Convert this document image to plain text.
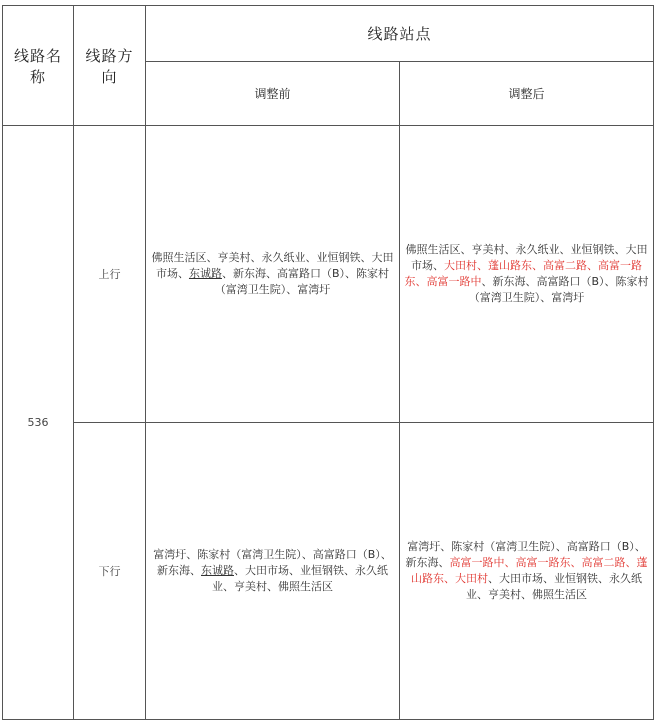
线路名称	线路方向	线路站点	
		调整前	调整后
536	上行	佛照生活区、亨美村、永久纸业、业恒钢铁、大田市场、东诚路、新东海、高富路口（B）、陈家村（富湾卫生院）、富湾圩	佛照生活区、亨美村、永久纸业、业恒钢铁、大田市场、大田村、蓬山路东、高富二路、高富一路东、高富一路中、新东海、高富路口（B）、陈家村（富湾卫生院）、富湾圩
	下行	富湾圩、陈家村（富湾卫生院）、高富路口（B）、新东海、东诚路、大田市场、业恒钢铁、永久纸业、亨美村、佛照生活区	富湾圩、陈家村（富湾卫生院）、高富路口（B）、新东海、高富一路中、高富一路东、高富二路、蓬山路东、大田村、大田市场、业恒钢铁、永久纸业、亨美村、佛照生活区
